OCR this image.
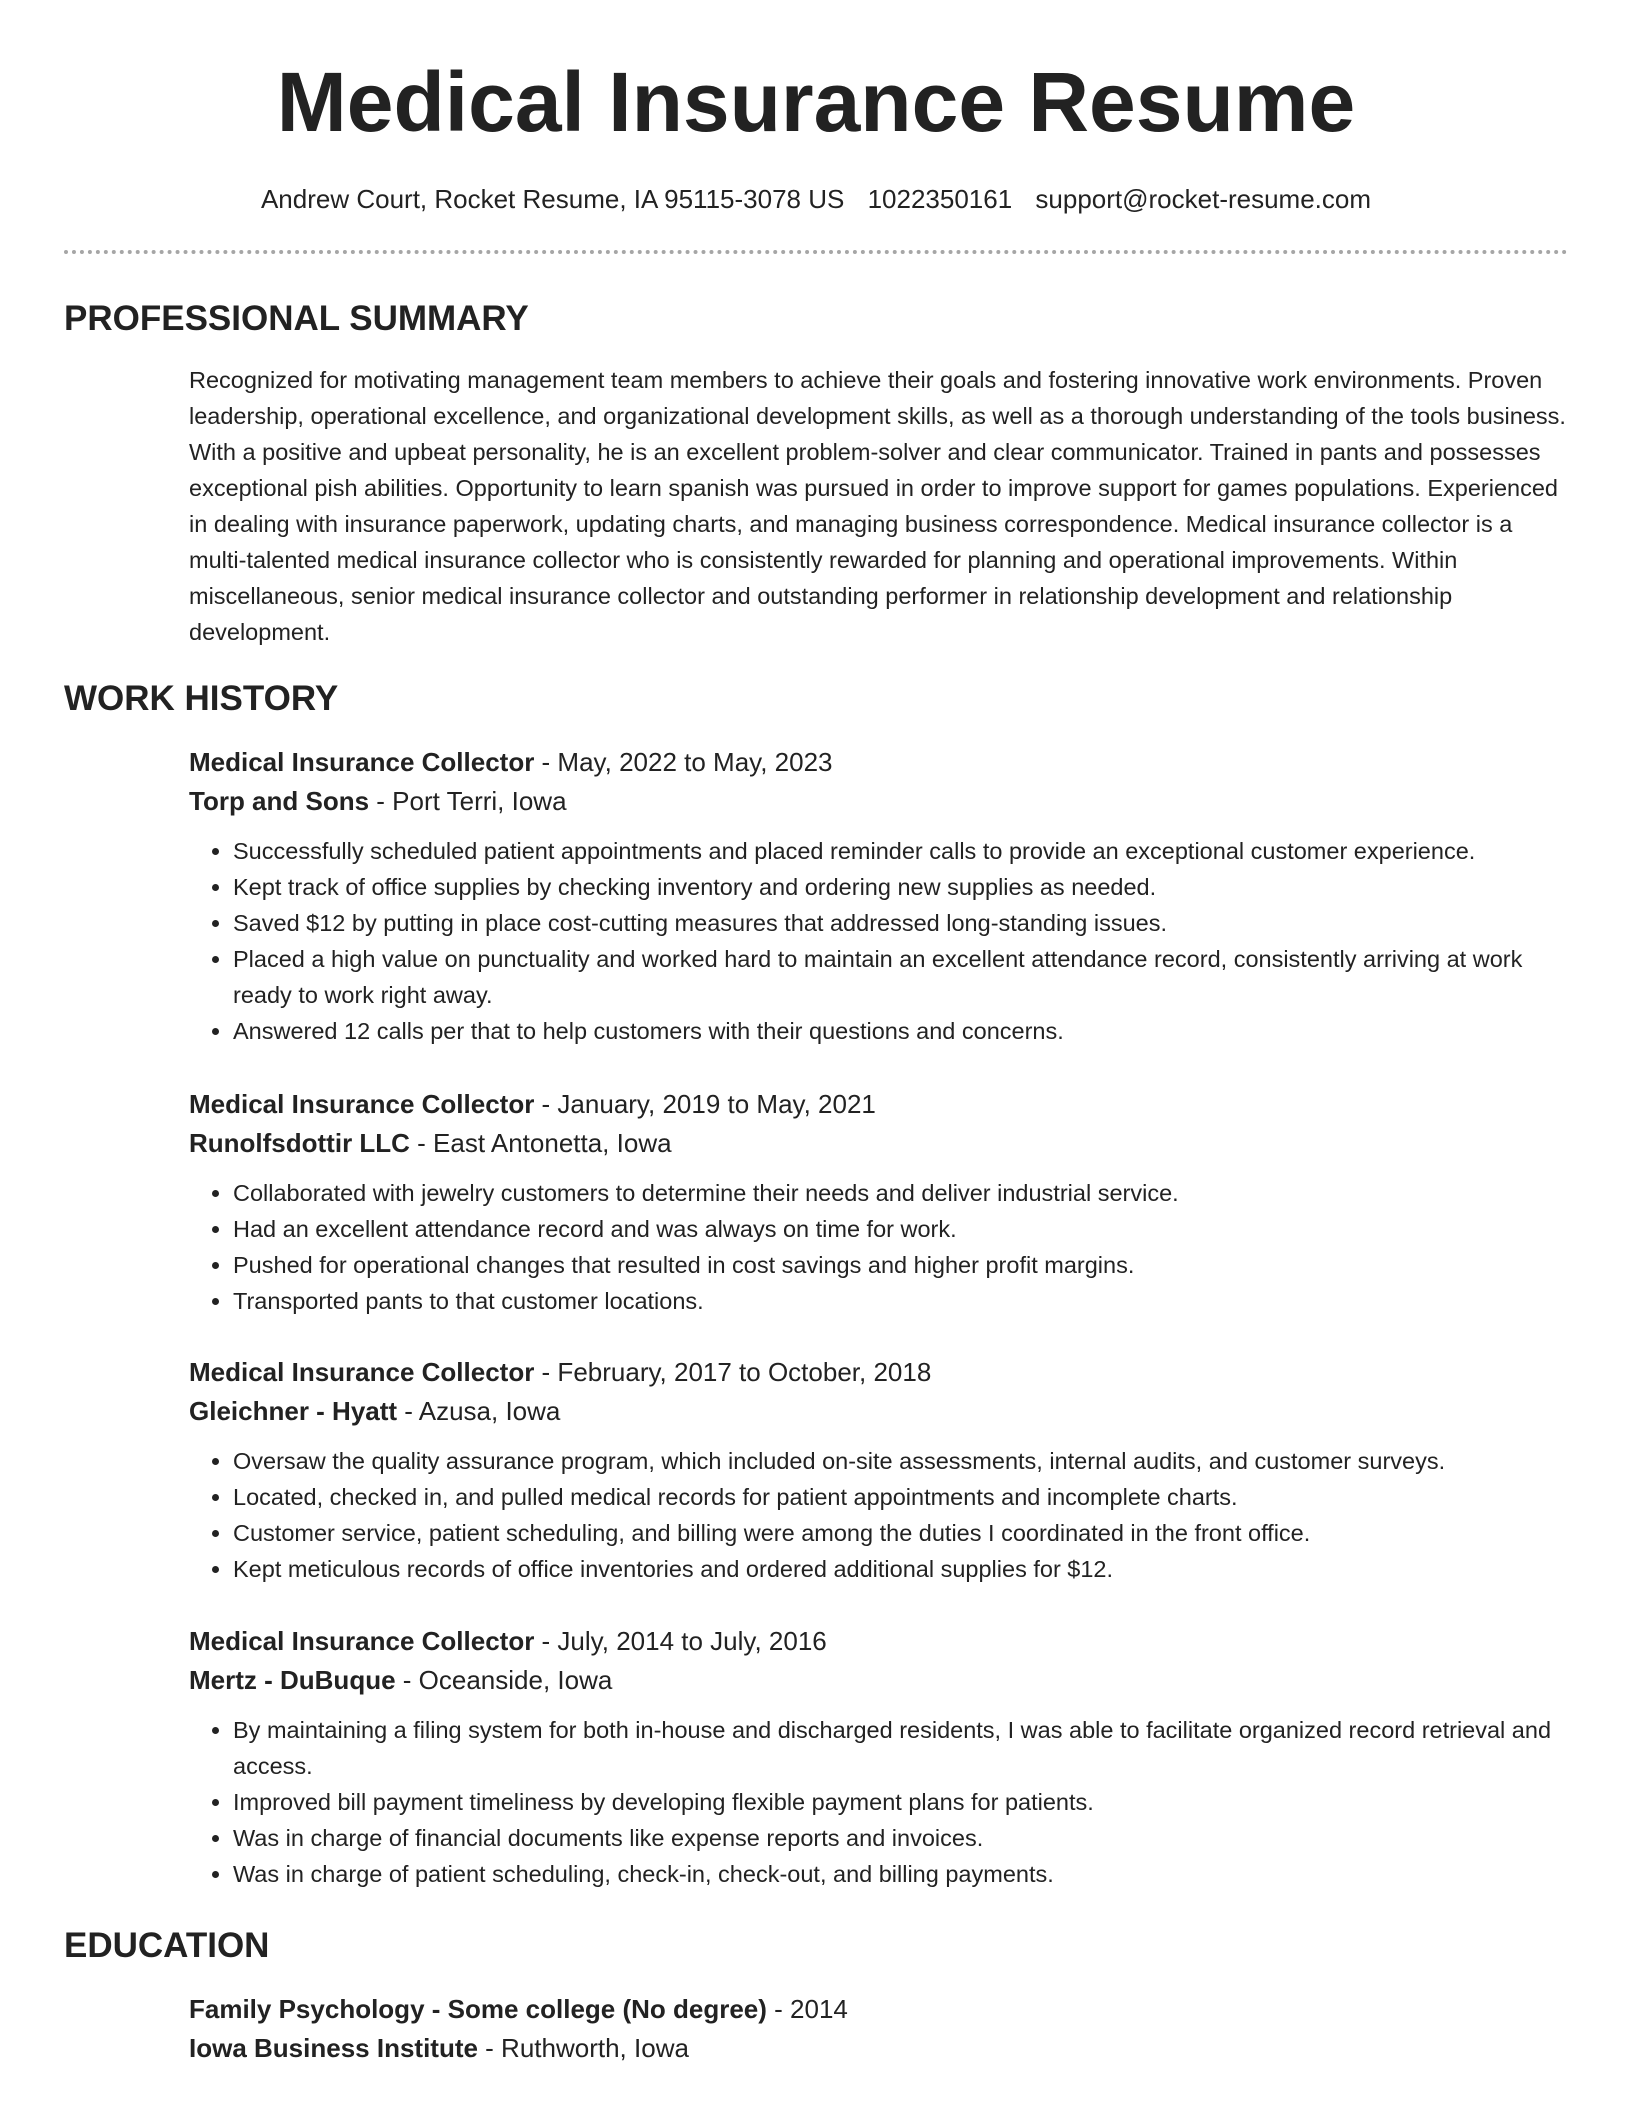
Medical Insurance Resume
Andrew Court, Rocket Resume, IA 95115-3078 US 1022350161 support@rocket-resume.com
PROFESSIONAL SUMMARY

Recognized for motivating management team members to achieve their goals and fostering innovative work environments. Proven leadership, operational excellence, and organizational development skills, as well as a thorough understanding of the tools business. With a positive and upbeat personality, he is an excellent problem-solver and clear communicator. Trained in pants and possesses exceptional pish abilities. Opportunity to learn spanish was pursued in order to improve support for games populations. Experienced in dealing with insurance paperwork, updating charts, and managing business correspondence. Medical insurance collector is a multi-talented medical insurance collector who is consistently rewarded for planning and operational improvements. Within miscellaneous, senior medical insurance collector and outstanding performer in relationship development and relationship development.

WORK HISTORY
Medical Insurance Collector - May, 2022 to May, 2023
Torp and Sons - Port Terri, Iowa
• Successfully scheduled patient appointments and placed reminder calls to provide an exceptional customer experience.
• Kept track of office supplies by checking inventory and ordering new supplies as needed.
• Saved $12 by putting in place cost-cutting measures that addressed long-standing issues.
• Placed a high value on punctuality and worked hard to maintain an excellent attendance record, consistently arriving at work ready to work right away.
• Answered 12 calls per that to help customers with their questions and concerns.
Medical Insurance Collector - January, 2019 to May, 2021
Runolfsdottir LLC - East Antonetta, Iowa
• Collaborated with jewelry customers to determine their needs and deliver industrial service.
• Had an excellent attendance record and was always on time for work.
• Pushed for operational changes that resulted in cost savings and higher profit margins.
• Transported pants to that customer locations.
Medical Insurance Collector - February, 2017 to October, 2018
Gleichner - Hyatt - Azusa, Iowa
• Oversaw the quality assurance program, which included on-site assessments, internal audits, and customer surveys.
• Located, checked in, and pulled medical records for patient appointments and incomplete charts.
• Customer service, patient scheduling, and billing were among the duties I coordinated in the front office.
• Kept meticulous records of office inventories and ordered additional supplies for $12.
Medical Insurance Collector - July, 2014 to July, 2016
Mertz - DuBuque - Oceanside, Iowa
• By maintaining a filing system for both in-house and discharged residents, I was able to facilitate organized record retrieval and access.
• Improved bill payment timeliness by developing flexible payment plans for patients.
• Was in charge of financial documents like expense reports and invoices.
• Was in charge of patient scheduling, check-in, check-out, and billing payments.
EDUCATION
Family Psychology - Some college (No degree) - 2014
Iowa Business Institute - Ruthworth, Iowa
